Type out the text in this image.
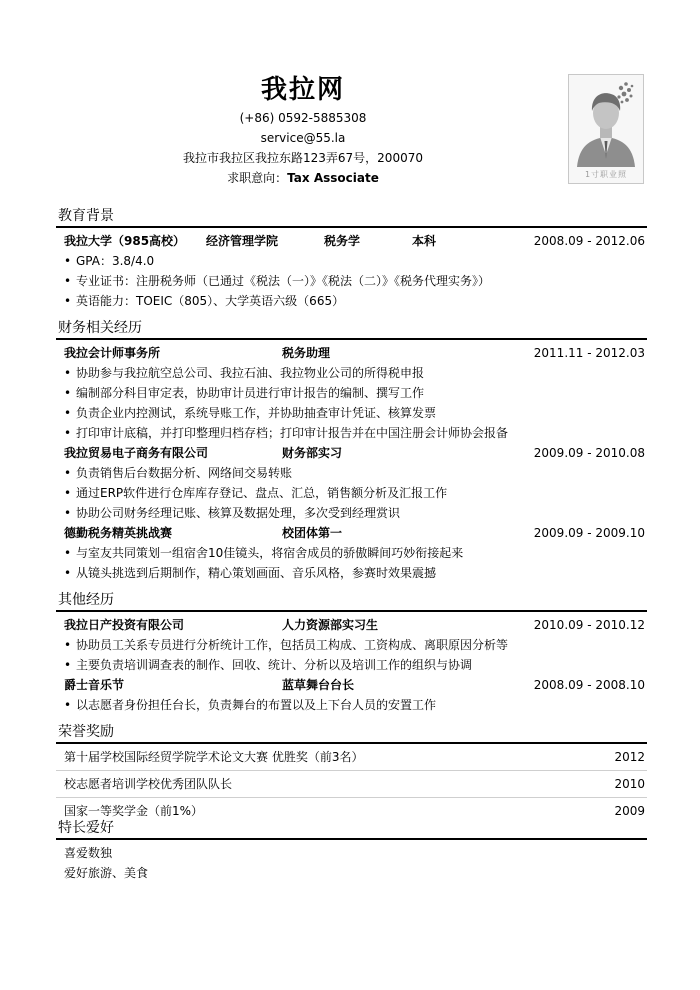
我拉网
(+86) 0592-5885308
service@55.la
我拉市我拉区我拉东路123弄67号，200070
求职意向：Tax Associate	1寸职业照
教育背景
我拉大学（985高校） 经济管理学院	税务学	本科	2008.09 - 2012.06
• GPA：3.8/4.0
• 专业证书：注册税务师（已通过《税法（一）》《税法（二）》《税务代理实务》）
• 英语能力：TOEIC（805）、大学英语六级（665）
财务相关经历
我拉会计师事务所	税务助理	2011.11 - 2012.03
• 协助参与我拉航空总公司、我拉石油、我拉物业公司的所得税申报
• 编制部分科目审定表，协助审计员进行审计报告的编制、撰写工作
• 负责企业内控测试，系统导账工作，并协助抽查审计凭证、核算发票
• 打印审计底稿，并打印整理归档存档；打印审计报告并在中国注册会计师协会报备
我拉贸易电子商务有限公司	财务部实习	2009.09 - 2010.08
• 负责销售后台数据分析、网络间交易转账
• 通过ERP软件进行仓库库存登记、盘点、汇总，销售额分析及汇报工作
• 协助公司财务经理记账、核算及数据处理，多次受到经理赏识
德勤税务精英挑战赛	校团体第一	2009.09 - 2009.10
• 与室友共同策划一组宿舍10佳镜头，将宿舍成员的骄傲瞬间巧妙衔接起来
• 从镜头挑选到后期制作，精心策划画面、音乐风格，参赛时效果震撼
其他经历
我拉日产投资有限公司	人力资源部实习生	2010.09 - 2010.12
• 协助员工关系专员进行分析统计工作，包括员工构成、工资构成、离职原因分析等
• 主要负责培训调查表的制作、回收、统计、分析以及培训工作的组织与协调
爵士音乐节	蓝草舞台台长	2008.09 - 2008.10
• 以志愿者身份担任台长，负责舞台的布置以及上下台人员的安置工作
荣誉奖励
第十届学校国际经贸学院学术论文大赛 优胜奖（前3名）	2012
校志愿者培训学校优秀团队队长	2010
国家一等奖学金（前1%）	2009
特长爱好
喜爱数独
爱好旅游、美食
